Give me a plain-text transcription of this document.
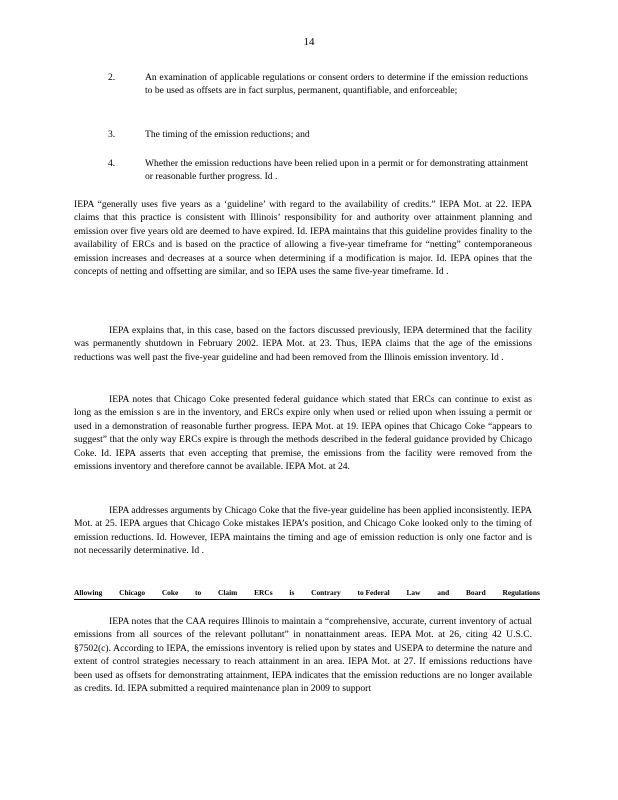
14
2.	An examination of applicable regulations or consent orders to determine if the emission reductions to be used as offsets are in fact surplus, permanent, quantifiable, and enforceable;
3.	The timing of the emission reductions; and
4.	Whether the emission reductions have been relied upon in a permit or for demonstrating attainment or reasonable further progress. Id .
IEPA “generally uses five years as a ‘guideline’ with regard to the availability of credits.” IEPA Mot. at 22. IEPA claims that this practice is consistent with Illinois’ responsibility for and authority over attainment planning and emission over five years old are deemed to have expired. Id. IEPA maintains that this guideline provides finality to the availability of ERCs and is based on the practice of allowing a five-year timeframe for “netting” contemporaneous emission increases and decreases at a source when determining if a modification is major. Id. IEPA opines that the concepts of netting and offsetting are similar, and so IEPA uses the same five-year timeframe. Id .
IEPA explains that, in this case, based on the factors discussed previously, IEPA determined that the facility was permanently shutdown in February 2002. IEPA Mot. at 23. Thus, IEPA claims that the age of the emissions reductions was well past the five-year guideline and had been removed from the Illinois emission inventory. Id .
IEPA notes that Chicago Coke presented federal guidance which stated that ERCs can continue to exist as long as the emission s are in the inventory, and ERCs expire only when used or relied upon when issuing a permit or used in a demonstration of reasonable further progress. IEPA Mot. at 19. IEPA opines that Chicago Coke “appears to suggest” that the only way ERCs expire is through the methods described in the federal guidance provided by Chicago Coke. Id. IEPA asserts that even accepting that premise, the emissions from the facility were removed from the emissions inventory and therefore cannot be available. IEPA Mot. at 24.
IEPA addresses arguments by Chicago Coke that the five-year guideline has been applied inconsistently. IEPA Mot. at 25. IEPA argues that Chicago Coke mistakes IEPA’s position, and Chicago Coke looked only to the timing of emission reductions. Id. However, IEPA maintains the timing and age of emission reduction is only one factor and is not necessarily determinative. Id .
Allowing Chicago Coke to Claim ERCs is Contrary to Federal Law and Board Regulations
IEPA notes that the CAA requires Illinois to maintain a “comprehensive, accurate, current inventory of actual emissions from all sources of the relevant pollutant” in nonattainment areas. IEPA Mot. at 26, citing 42 U.S.C. §7502(c). According to IEPA, the emissions inventory is relied upon by states and USEPA to determine the nature and extent of control strategies necessary to reach attainment in an area. IEPA Mot. at 27. If emissions reductions have been used as offsets for demonstrating attainment, IEPA indicates that the emission reductions are no longer available as credits. Id. IEPA submitted a required maintenance plan in 2009 to support
